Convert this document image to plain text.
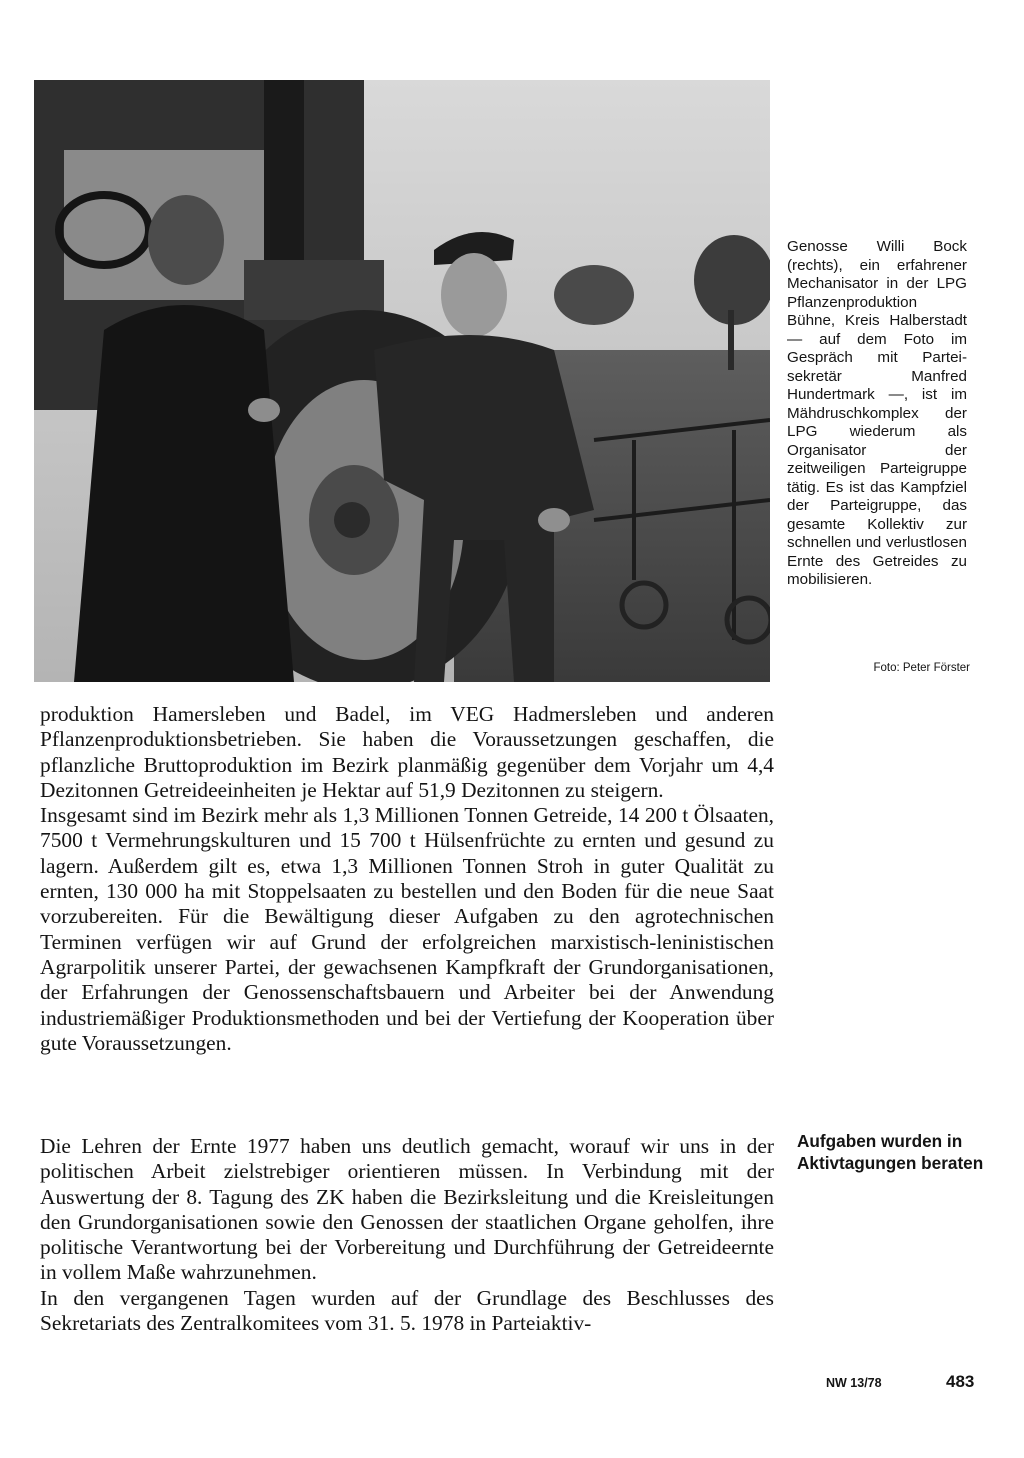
Genosse Willi Bock (rechts), ein erfahrener Mechanisator in der LPG Pflanzenproduktion Bühne, Kreis Halberstadt — auf dem Foto im Gespräch mit Parteisekretär Manfred Hundertmark —, ist im Mähdruschkomplex der LPG wiederum als Organisator der zeitweiligen Parteigruppe tätig. Es ist das Kampfziel der Parteigruppe, das gesamte Kollektiv zur schnellen und verlustlosen Ernte des Getreides zu mobilisieren.
Foto: Peter Förster

produktion Hamersleben und Badel, im VEG Hadmersleben und anderen Pflanzenproduktionsbetrieben. Sie haben die Voraussetzungen geschaffen, die pflanzliche Bruttoproduktion im Bezirk planmäßig gegenüber dem Vorjahr um 4,4 Dezitonnen Getreideeinheiten je Hektar auf 51,9 Dezitonnen zu steigern.

Insgesamt sind im Bezirk mehr als 1,3 Millionen Tonnen Getreide, 14 200 t Ölsaaten, 7500 t Vermehrungskulturen und 15 700 t Hülsenfrüchte zu ernten und gesund zu lagern. Außerdem gilt es, etwa 1,3 Millionen Tonnen Stroh in guter Qualität zu ernten, 130 000 ha mit Stoppelsaaten zu bestellen und den Boden für die neue Saat vorzubereiten. Für die Bewältigung dieser Aufgaben zu den agrotechnischen Terminen verfügen wir auf Grund der erfolgreichen marxistisch-leninistischen Agrarpolitik unserer Partei, der gewachsenen Kampfkraft der Grundorganisationen, der Erfahrungen der Genossenschaftsbauern und Arbeiter bei der Anwendung industriemäßiger Produktionsmethoden und bei der Vertiefung der Kooperation über gute Voraussetzungen.

Die Lehren der Ernte 1977 haben uns deutlich gemacht, worauf wir uns in der politischen Arbeit zielstrebiger orientieren müssen. In Verbindung mit der Auswertung der 8. Tagung des ZK haben die Bezirksleitung und die Kreisleitungen den Grundorganisationen sowie den Genossen der staatlichen Organe geholfen, ihre politische Verantwortung bei der Vorbereitung und Durchführung der Getreideernte in vollem Maße wahrzunehmen.

In den vergangenen Tagen wurden auf der Grundlage des Beschlusses des Sekretariats des Zentralkomitees vom 31. 5. 1978 in Parteiaktiv-

Aufgaben wurden in Aktivtagungen beraten
NW 13/78	483
